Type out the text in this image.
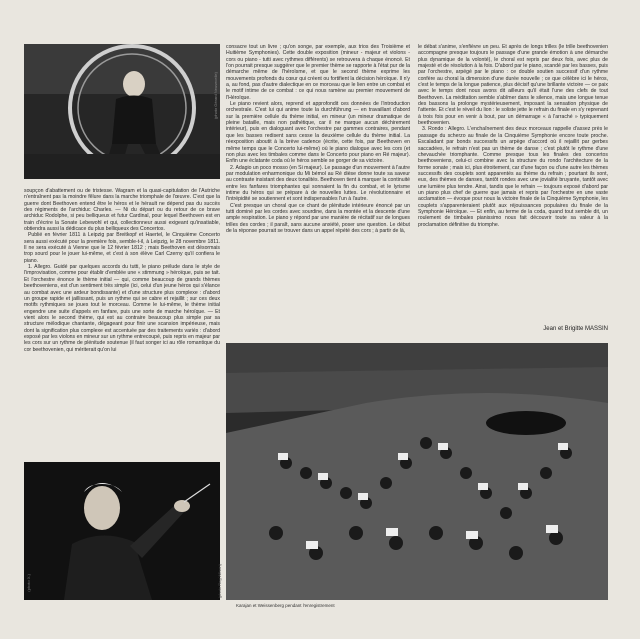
(photo Gérard Neuvecelle)
(photo X.)	(photo Reg Wilson)

soupçon d'abattement ou de tristesse. Wagram et la quasi-capitulation de l'Autriche n'entraînent pas la moindre fêlure dans la marche triomphale de l'œuvre. C'est que la guerre dont Beethoven entend être le héros et le hérault ne dépend pas du succès des régiments de l'archiduc Charles. — Ni du départ ou du retour de ce brave archiduc Rodolphe, si peu belliqueux et futur Cardinal, pour lequel Beethoven est en train d'écrire la Sonate Lebewohl et qui, collectionneur aussi exigeant qu'insatiable, obtiendra aussi la dédicace du plus belliqueux des Concertos.

Publié en février 1811 à Leipzig par Breitkopf et Haertel, le Cinquième Concerto sera aussi exécuté pour la première fois, semble-t-il, à Leipzig, le 28 novembre 1811. Il ne sera exécuté à Vienne que le 12 février 1812 ; mais Beethoven est désormais trop sourd pour le jouer lui-même, et c'est à son élève Carl Czerny qu'il confiera le piano.

1. Allegro. Guidé par quelques accords du tutti, le piano prélude dans le style de l'improvisation, comme pour établir d'emblée une « stimmung » héroïque, puis se tait. Et l'orchestre énonce le thème initial — qui, comme beaucoup de grands thèmes beethoveniens, est d'un sentiment très simple (ici, celui d'un jeune héros qui s'élance au combat avec une ardeur bondissante) et d'une structure plus complexe : d'abord un groupe rapide et jaillissant, puis un rythme qui se cabre et rejaillit ; sur ces deux motifs rythmiques se joues tout le morceau. Comme le lui-même, le thème initial engendre une suite d'appels en fanfare, puis une sorte de marche héroïque. — Et vient alors le second thème, qui est au contraire beaucoup plus simple par sa structure mélodique chantante, dégageant pour finir une scansion impérieuse, mais dont la signification plus complexe est accentuée par des traitements variés : d'abord exposé par les violons en mineur sur un rythme entrecoupé, puis repris en majeur par les cors sur un rythme de plénitude soutenue (il faut songer ici au rôle romantique du cor beethovenien, qui mériterait qu'on lui

consacre tout un livre ; qu'on songe, par exemple, aux trios des Troisième et Huitième Symphonies). Cette double exposition (mineur - majeur et violons - cors ou piano - tutti avec rythmes différents) se retrouvera à chaque énoncé. Et l'on pourrait presque suggérer que le premier thème se rapporte à l'état pur de la démarche même de l'héroïsme, et que le second thème exprime les mouvements profonds du cœur qui créent ou fortifient la décision héroïque. Il n'y a, au fond, pas d'autre dialectique en ce morceau que le lien entre un combat et le motif intime de ce combat : ce qui nous ramène au premier mouvement de l'Héroïque.

Le piano revient alors, reprend et approfondit ces données de l'introduction orchestrale. C'est lui qui anime toute la durchführung — en travaillant d'abord sur la première cellule du thème initial, en mineur (un mineur dramatique de pleine bataille, mais non pathétique, car il ne marque aucun déchirement intérieur), puis en dialoguant avec l'orchestre par gammes contraires, pendant que les basses redisent sans cesse la deuxième cellule du thème initial. La réexposition aboutit à la brève cadence (écrite, cette fois, par Beethoven en même temps que le Concerto lui-même) où le piano dialogue avec les cors (et non plus avec les timbales comme dans le Concerto pour piano en Ré majeur). Enfin une éclatante coda où le héros semble se gorger de sa victoire.

2. Adagio un poco mosso (en Si majeur). Le passage d'un mouvement à l'autre par modulation enharmonique du Mi bémol au Ré dièse donne toute sa saveur au contraste insistant des deux tonalités. Beethoven tient à marquer la continuité entre les fanfares triomphantes qui sonnaient la fin du combat, et le lyrisme intime du héros qui se prépare à de nouvelles luttes. Le révolutionnaire et l'intrépidité se soutiennent et sont indispensables l'un à l'autre.

C'est presque un choral que ce chant de plénitude intérieure énoncé par un tutti dominé par les cordes avec sourdine, dans la montée et la descente d'une ample respiration. Le piano y répond par une manière de récitatif sur de longues trilles des cordes ; il paraît, sans aucune anxiété, poser une question. Le début de la réponse pourrait se trouver dans un appel répété des cors ; à partir de là,

le débat s'anime, s'enfièvre un peu. Et après de longs trilles (le trille beethovenien accompagne presque toujours le passage d'une grande émotion à une démarche plus dynamique de la volonté), le choral est repris par deux fois, avec plus de majesté et de résolution à la fois. D'abord par le piano, scandé par les basses, puis par l'orchestre, arpégé par le piano : ce double soutien successif d'un rythme confère au choral la dimension d'une durée nouvelle ; ce que célèbre ici le héros, c'est le temps de la longue patience, plus décisif qu'une brillante victoire — ce paix avec le temps dont nous avons dit ailleurs qu'il était l'une des clefs de tout Beethoven. La méditation semble s'abîmer dans le silence, mais une longue tenue des bassons la prolonge mystérieusement, imposant la sensation physique de l'attente. Et c'est le réveil du lion : le soliste jette le refrain du finale en s'y reprenant à trois fois pour en venir à bout, par un démarrage « à l'arraché » typiquement beethovenien.

3. Rondo : Allegro. L'enchaînement des deux morceaux rappelle d'assez près le passage du scherzo au finale de la Cinquième Symphonie encore toute proche. Escaladant par bonds successifs un arpège d'accord où il rejaillit par gerbes saccadées, le refrain n'est pas un thème de danse ; c'est plutôt le rythme d'une chevauchée triomphante. Comme presque tous les finales des concertos beethoveniens, celui-ci combine avec la structure du rondo l'architecture de la forme sonate ; mais ici, plus étroitement, car d'une façon ou d'une autre les thèmes successifs des couplets sont apparentés au thème du refrain ; pourtant ils sont, eux, des thèmes de danses, tantôt rondes avec une jovialité bruyante, tantôt avec une lumière plus tendre. Ainsi, tandis que le refrain — toujours exposé d'abord par un piano plus chef de guerre que jamais et repris par l'orchestre en une vaste acclamation — évoque pour nous la victoire finale de la Cinquième Symphonie, les couplets s'apparenteraient plutôt aux réjouissances populaires du finale de la Symphonie Héroïque. — Et enfin, au terme de la coda, quand tout semble dit, un roulement de timbales pianissimo nous fait découvrir toute sa valeur à la proclamation définitive du triomphe.

Jean et Brigitte MASSIN
Karajan et Weissenberg pendant l'enregistrement
